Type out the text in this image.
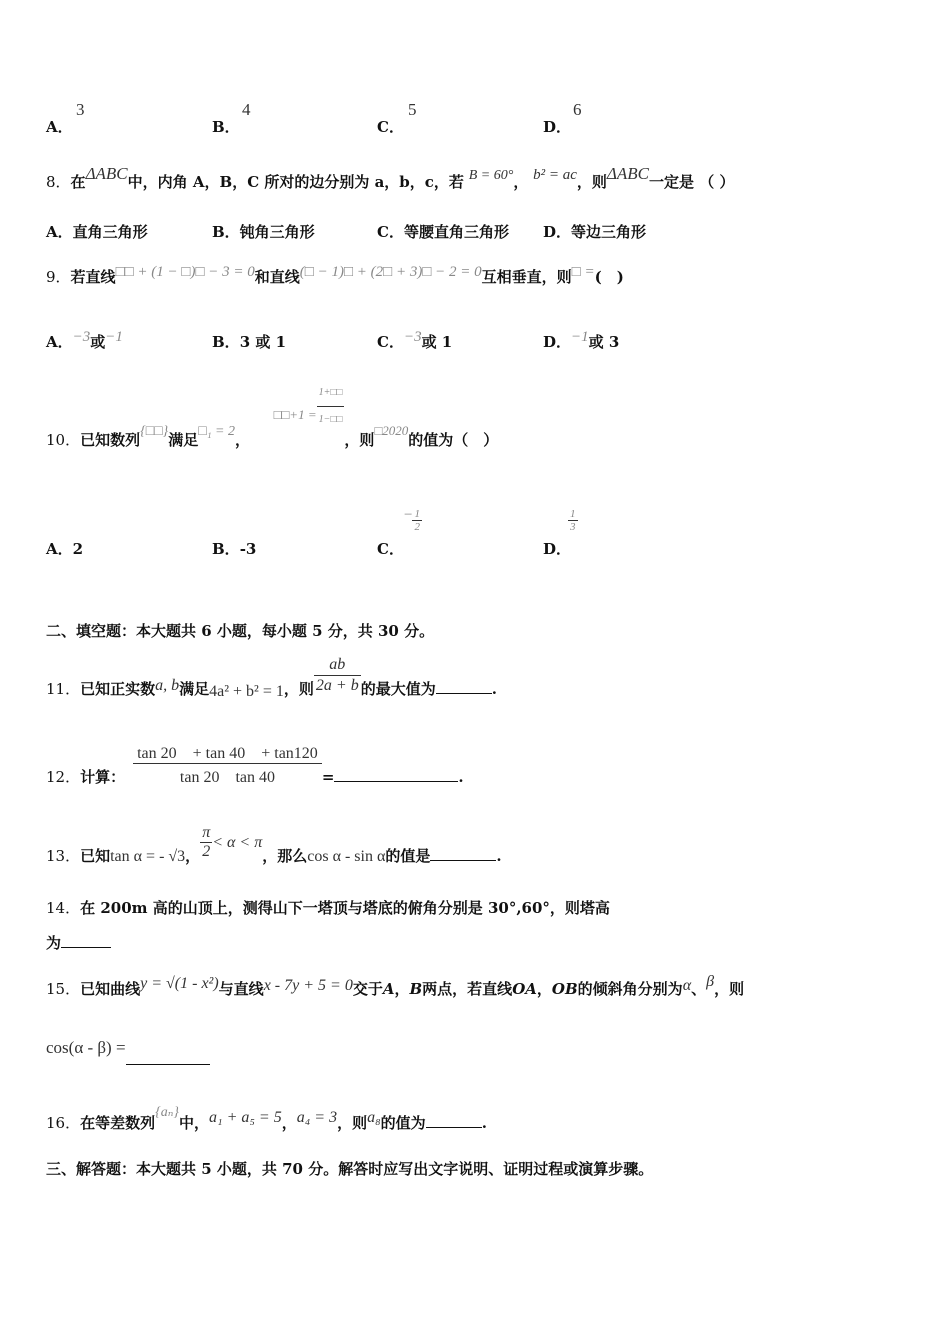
A．
3
B．
4
C．
5
D．
6
8．在ΔABC中，内角 A，B，C 所对的边分别为 a，b，c，若 B = 60°， b² = ac，则ΔABC一定是 （ ）
A．直角三角形	B．钝角三角形	C．等腰直角三角形 D．等边三角形
9．若直线□□ + (1 − □)□ − 3 = 0和直线(□ − 1)□ + (2□ + 3)□ − 2 = 0互相垂直，则□ =(　)
A．−3或−1	B．3 或 1	C．−3或 1	D．−1或 3
10．已知数列{□□}满足□₁ = 2，  □□+1 = $\frac{1+□□}{1-□□}$
，则□2020的值为（　）
A．2	B．-3	C．
− $\frac{1}{2}$
D．
$\frac{1}{3}$
二、填空题：本大题共 6 小题，每小题 5 分，共 30 分。
11．已知正实数a, b满足4a² + b² = 1，则 $\frac{ab}{2a + b}$ 的最大值为	.
12．计算： $\frac{\tan 20 + \tan 40 + \tan 120}{\tan 20 \tan 40}$ =	.
13．已知tan α = - √3， $\frac{\pi}{2} < \alpha < \pi$，那么cos α - sin α的值是	.
14．在 200m 高的山顶上，测得山下一塔顶与塔底的俯角分别是 30°,60°，则塔高
为
15．已知曲线y = √(1 - x²)与直线x - 7y + 5 = 0交于A，B两点，若直线OA，OB的倾斜角分别为α、β，则
cos(α - β) =
16．在等差数列{aₙ}中，a₁ + a₅ = 5，a₄ = 3，则a₈的值为	.
三、解答题：本大题共 5 小题，共 70 分。解答时应写出文字说明、证明过程或演算步骤。
